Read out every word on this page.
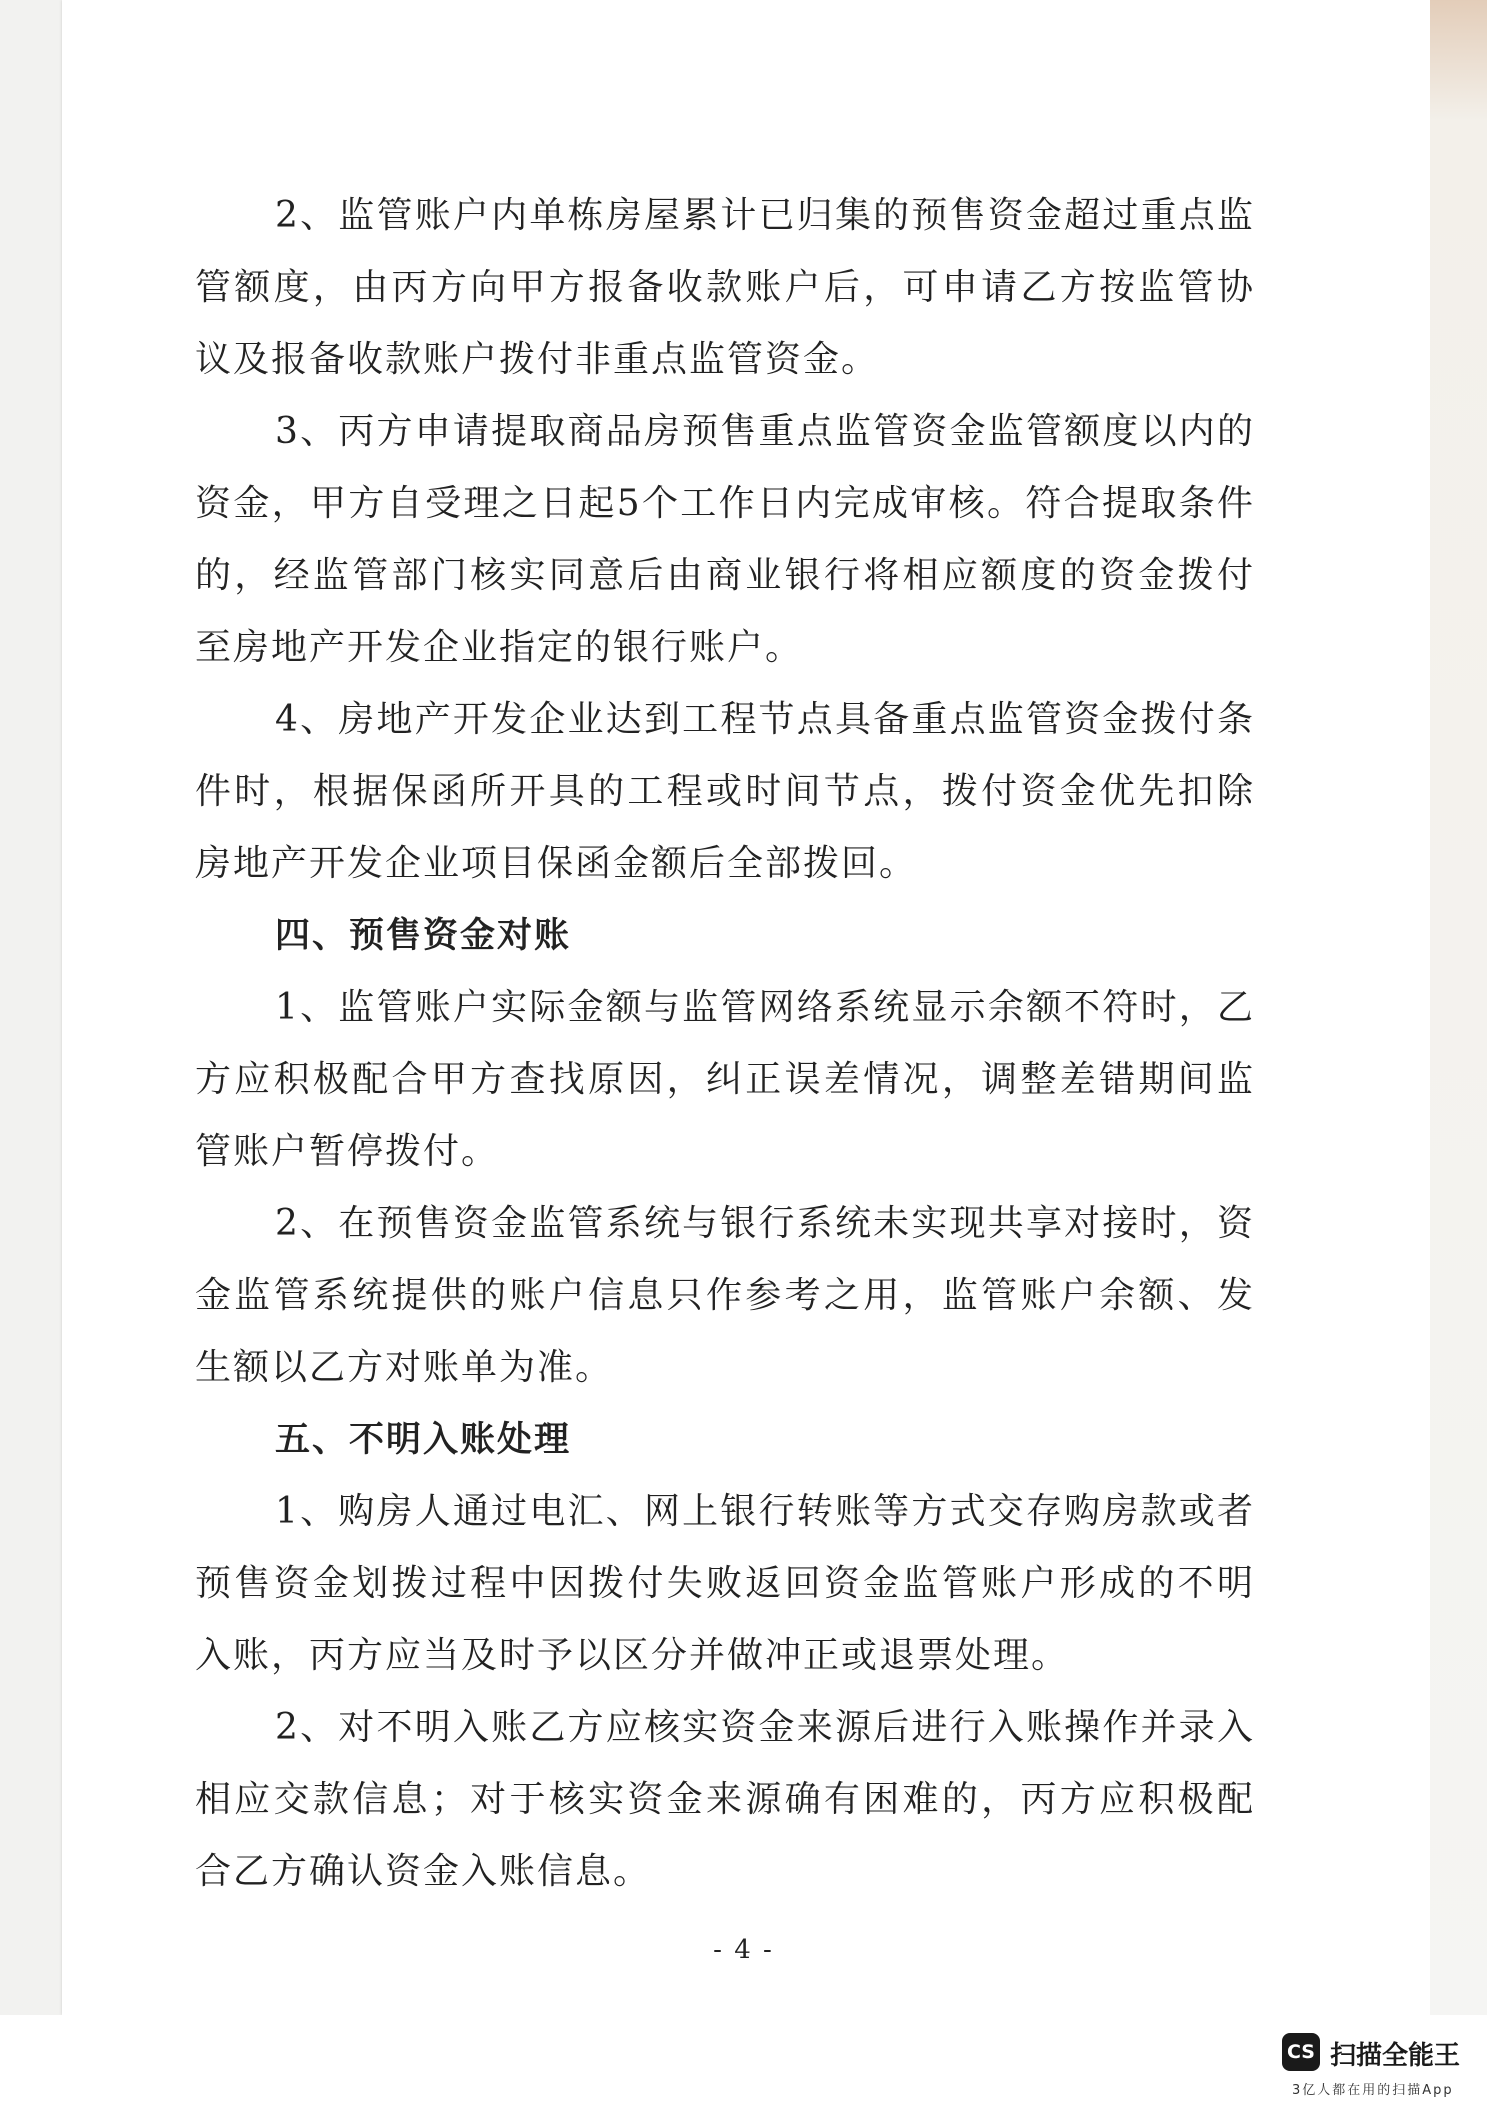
2、监管账户内单栋房屋累计已归集的预售资金超过重点监管额度，由丙方向甲方报备收款账户后，可申请乙方按监管协议及报备收款账户拨付非重点监管资金。
3、丙方申请提取商品房预售重点监管资金监管额度以内的资金，甲方自受理之日起5个工作日内完成审核。符合提取条件的，经监管部门核实同意后由商业银行将相应额度的资金拨付至房地产开发企业指定的银行账户。
4、房地产开发企业达到工程节点具备重点监管资金拨付条件时，根据保函所开具的工程或时间节点，拨付资金优先扣除房地产开发企业项目保函金额后全部拨回。
四、预售资金对账
1、监管账户实际金额与监管网络系统显示余额不符时，乙方应积极配合甲方查找原因，纠正误差情况，调整差错期间监管账户暂停拨付。
2、在预售资金监管系统与银行系统未实现共享对接时，资金监管系统提供的账户信息只作参考之用，监管账户余额、发生额以乙方对账单为准。
五、不明入账处理
1、购房人通过电汇、网上银行转账等方式交存购房款或者预售资金划拨过程中因拨付失败返回资金监管账户形成的不明入账，丙方应当及时予以区分并做冲正或退票处理。
2、对不明入账乙方应核实资金来源后进行入账操作并录入相应交款信息；对于核实资金来源确有困难的，丙方应积极配合乙方确认资金入账信息。
- 4 -
CS 扫描全能王
3亿人都在用的扫描App
